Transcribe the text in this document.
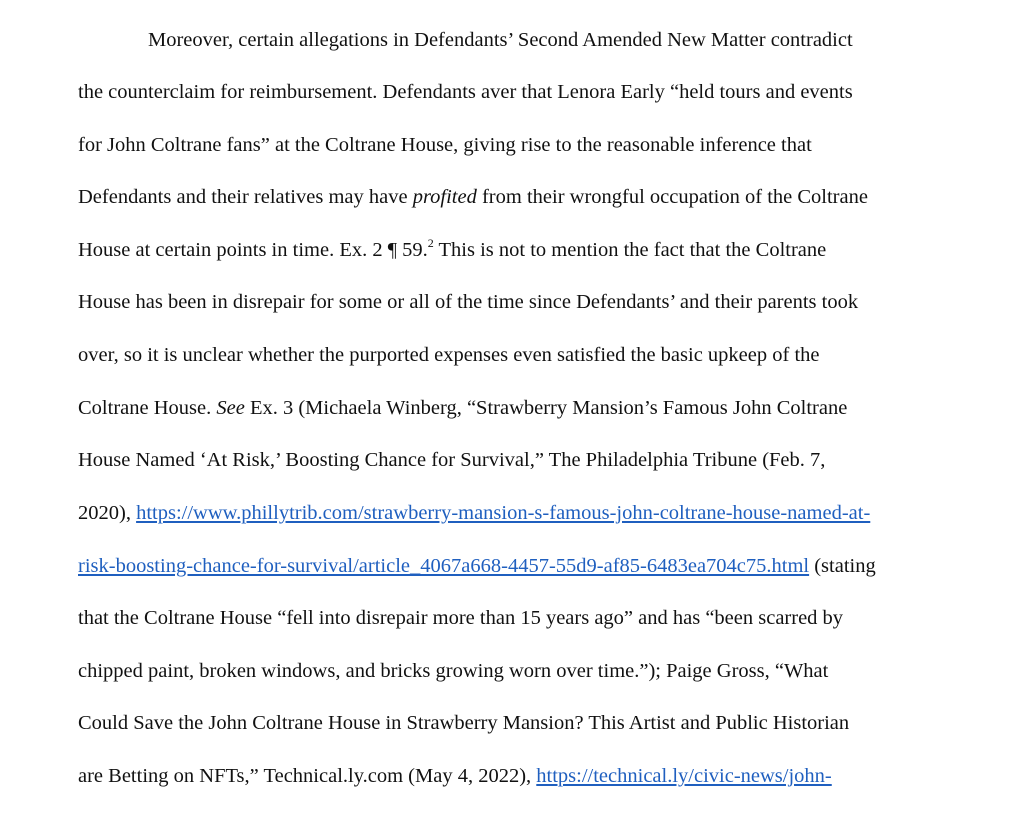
Moreover, certain allegations in Defendants’ Second Amended New Matter contradict
the counterclaim for reimbursement. Defendants aver that Lenora Early “held tours and events
for John Coltrane fans” at the Coltrane House, giving rise to the reasonable inference that
Defendants and their relatives may have profited from their wrongful occupation of the Coltrane
House at certain points in time. Ex. 2 ¶ 59.$^2$ This is not to mention the fact that the Coltrane
House has been in disrepair for some or all of the time since Defendants’ and their parents took
over, so it is unclear whether the purported expenses even satisfied the basic upkeep of the
Coltrane House. See Ex. 3 (Michaela Winberg, “Strawberry Mansion’s Famous John Coltrane
House Named ‘At Risk,’ Boosting Chance for Survival,” The Philadelphia Tribune (Feb. 7,
2020), https://www.phillytrib.com/strawberry-mansion-s-famous-john-coltrane-house-named-at-
risk-boosting-chance-for-survival/article_4067a668-4457-55d9-af85-6483ea704c75.html (stating
that the Coltrane House “fell into disrepair more than 15 years ago” and has “been scarred by
chipped paint, broken windows, and bricks growing worn over time.”); Paige Gross, “What
Could Save the John Coltrane House in Strawberry Mansion? This Artist and Public Historian
are Betting on NFTs,” Technical.ly.com (May 4, 2022), https://technical.ly/civic-news/john-
